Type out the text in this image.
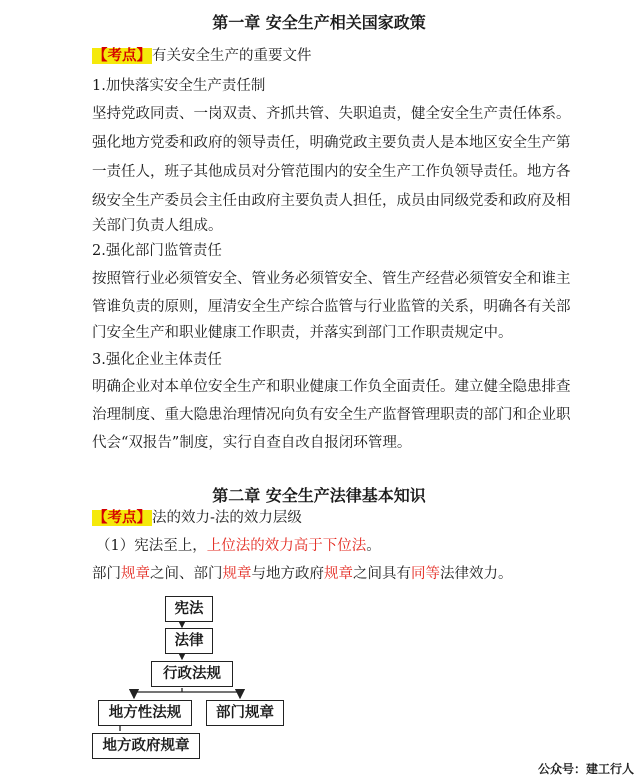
第一章 安全生产相关国家政策
【考点】有关安全生产的重要文件
1.加快落实安全生产责任制
坚持党政同责、一岗双责、齐抓共管、失职追责，健全安全生产责任体系。
强化地方党委和政府的领导责任，明确党政主要负责人是本地区安全生产第
一责任人，班子其他成员对分管范围内的安全生产工作负领导责任。地方各
级安全生产委员会主任由政府主要负责人担任，成员由同级党委和政府及相
关部门负责人组成。
2.强化部门监管责任
按照管行业必须管安全、管业务必须管安全、管生产经营必须管安全和谁主
管谁负责的原则，厘清安全生产综合监管与行业监管的关系，明确各有关部
门安全生产和职业健康工作职责，并落实到部门工作职责规定中。
3.强化企业主体责任
明确企业对本单位安全生产和职业健康工作负全面责任。建立健全隐患排查
治理制度、重大隐患治理情况向负有安全生产监督管理职责的部门和企业职
代会“双报告”制度，实行自查自改自报闭环管理。
第二章 安全生产法律基本知识
【考点】法的效力-法的效力层级
（1）宪法至上，上位法的效力高于下位法。
部门规章之间、部门规章与地方政府规章之间具有同等法律效力。
宪法
法律
行政法规
地方性法规	部门规章
地方政府规章
公众号：建工行人
